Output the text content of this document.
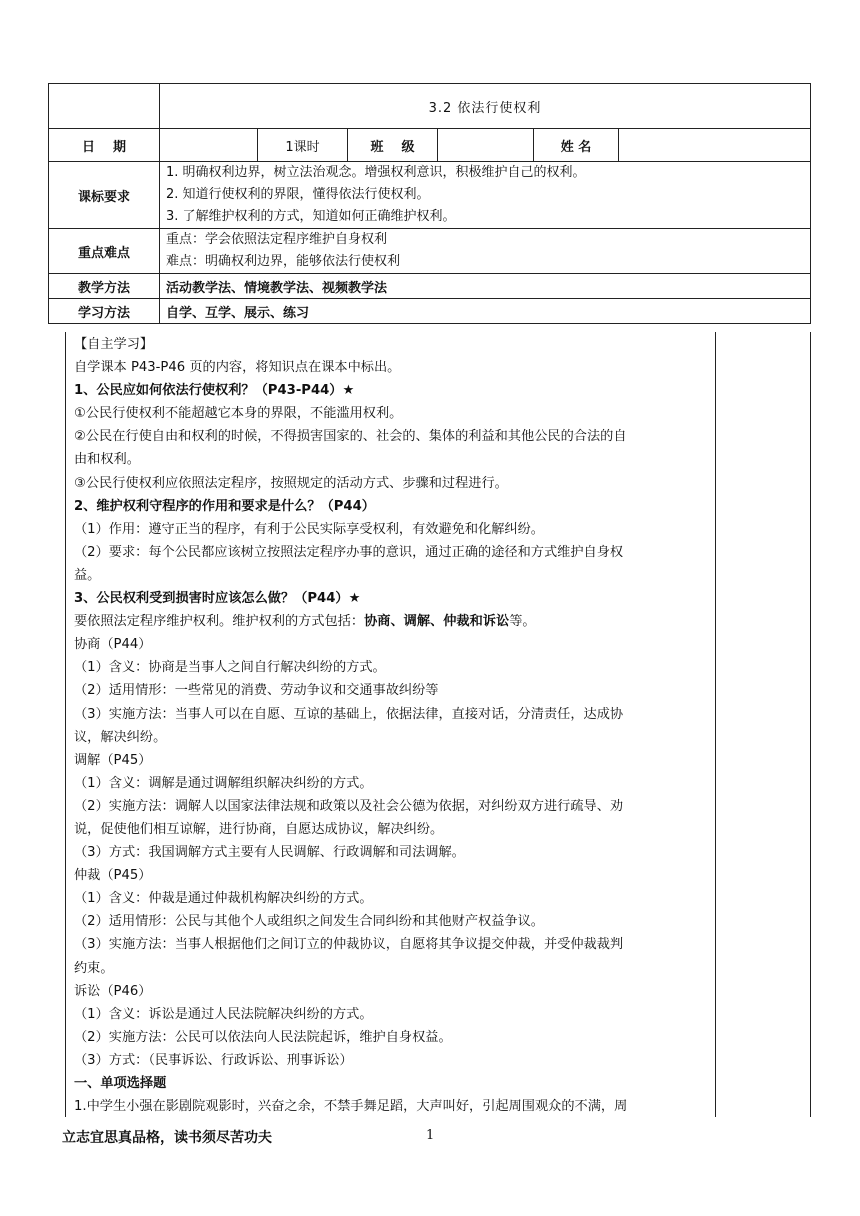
	3.2 依法行使权利					
日    期		1课时	班    级		姓 名	
课标要求	1. 明确权利边界，树立法治观念。增强权利意识，积极维护自己的权利。
2. 知道行使权利的界限，懂得依法行使权利。
3. 了解维护权利的方式，知道如何正确维护权利。					

重点难点	重点：学会依照法定程序维护自身权利
难点：明确权利边界，能够依法行使权利					

教学方法	活动教学法、情境教学法、视频教学法					
学习方法	自学、互学、展示、练习					

【自主学习】

自学课本 P43-P46 页的内容，将知识点在课本中标出。

1、公民应如何依法行使权利？（P43-P44）★

①公民行使权利不能超越它本身的界限，不能滥用权利。

②公民在行使自由和权利的时候，不得损害国家的、社会的、集体的利益和其他公民的合法的自

由和权利。

③公民行使权利应依照法定程序，按照规定的活动方式、步骤和过程进行。

2、维护权利守程序的作用和要求是什么？（P44）

（1）作用：遵守正当的程序，有利于公民实际享受权利，有效避免和化解纠纷。

（2）要求：每个公民都应该树立按照法定程序办事的意识，通过正确的途径和方式维护自身权

益。

3、公民权利受到损害时应该怎么做？（P44）★

要依照法定程序维护权利。维护权利的方式包括：协商、调解、仲裁和诉讼等。

协商（P44）

（1）含义：协商是当事人之间自行解决纠纷的方式。

（2）适用情形：一些常见的消费、劳动争议和交通事故纠纷等

（3）实施方法：当事人可以在自愿、互谅的基础上，依据法律，直接对话，分清责任，达成协

议，解决纠纷。

调解（P45）

（1）含义：调解是通过调解组织解决纠纷的方式。

（2）实施方法：调解人以国家法律法规和政策以及社会公德为依据，对纠纷双方进行疏导、劝

说，促使他们相互谅解，进行协商，自愿达成协议，解决纠纷。

（3）方式：我国调解方式主要有人民调解、行政调解和司法调解。

仲裁（P45）

（1）含义：仲裁是通过仲裁机构解决纠纷的方式。

（2）适用情形：公民与其他个人或组织之间发生合同纠纷和其他财产权益争议。

（3）实施方法：当事人根据他们之间订立的仲裁协议，自愿将其争议提交仲裁，并受仲裁裁判

约束。

诉讼（P46）

（1）含义：诉讼是通过人民法院解决纠纷的方式。

（2）实施方法：公民可以依法向人民法院起诉，维护自身权益。

（3）方式：（民事诉讼、行政诉讼、刑事诉讼）

一、单项选择题

1.中学生小强在影剧院观影时，兴奋之余，不禁手舞足蹈，大声叫好，引起周围观众的不满，周

立志宜思真品格，读书须尽苦功夫	1
